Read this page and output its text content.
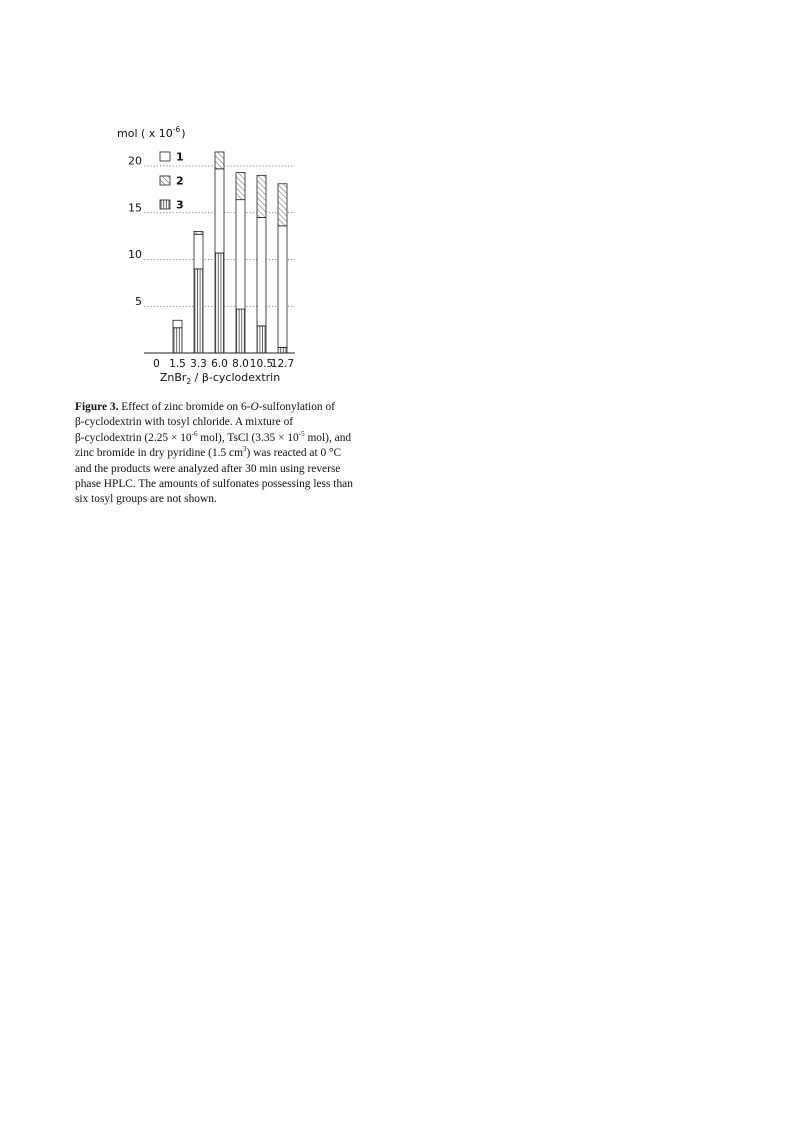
5
10
15
20
0 1.5 3.3 6.0 8.0 10.5
12.7
1
2
3
mol ( x $10^{-6}$)
ZnBr$_2$ / β-cyclodextrin
Figure 3. Effect of zinc bromide on 6-O-sulfonylation of
β-cyclodextrin with tosyl chloride. A mixture of
β-cyclodextrin ($2.25 \times 10^{-6}$ mol), TsCl ($3.35 \times 10^{-5}$ mol), and
zinc bromide in dry pyridine (1.5 $cm^3$) was reacted at 0 °C
and the products were analyzed after 30 min using reverse
phase HPLC. The amounts of sulfonates possessing less than
six tosyl groups are not shown.
